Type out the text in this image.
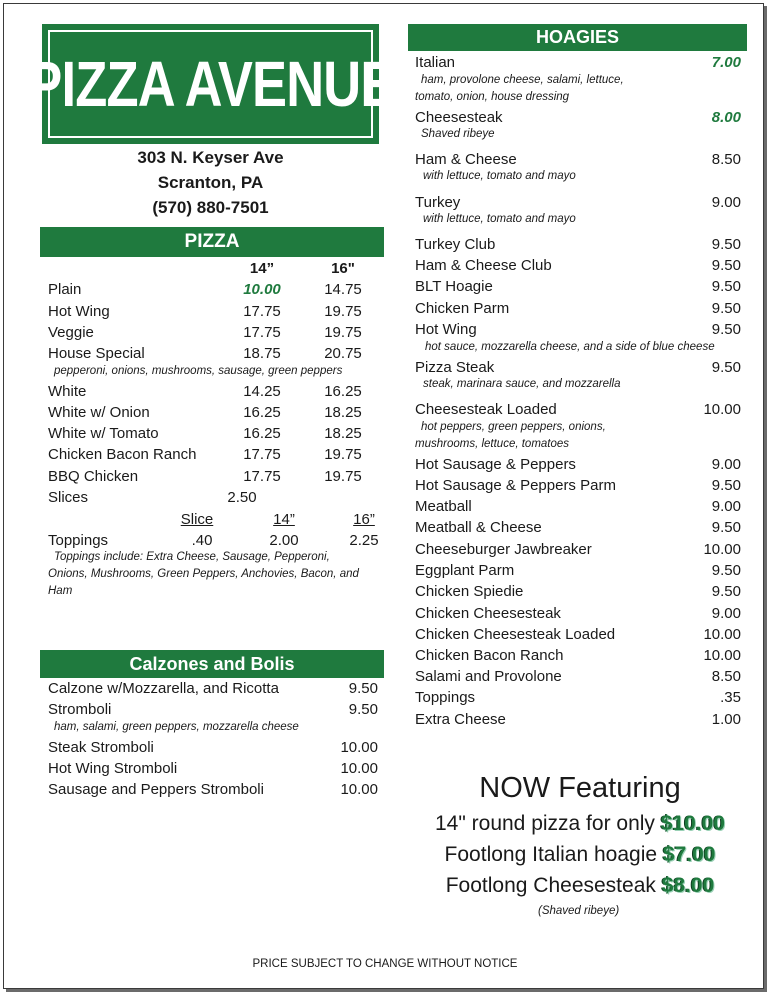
PIZZA AVENUE
303 N. Keyser Ave
Scranton, PA
(570) 880-7501
PIZZA
14”	16"
Plain	10.00	14.75
Hot Wing	17.75	19.75
Veggie	17.75	19.75
House Special	18.75	20.75
pepperoni, onions, mushrooms, sausage, green peppers
White	14.25	16.25
White w/ Onion	16.25	18.25
White w/ Tomato	16.25	18.25
Chicken Bacon Ranch	17.75	19.75
BBQ Chicken	17.75	19.75
Slices	2.50
Slice	14”	16”
Toppings	.40	2.00	2.25
Toppings include: Extra Cheese, Sausage, Pepperoni,
Onions, Mushrooms, Green Peppers, Anchovies, Bacon, and
Ham
Calzones and Bolis
Calzone w/Mozzarella, and Ricotta	9.50
Stromboli	9.50
ham, salami, green peppers, mozzarella cheese
Steak Stromboli	10.00
Hot Wing Stromboli	10.00
Sausage and Peppers Stromboli	10.00
HOAGIES
Italian	7.00
ham, provolone cheese, salami, lettuce,
tomato, onion, house dressing
Cheesesteak	8.00
Shaved ribeye
Ham & Cheese	8.50
with lettuce, tomato and mayo
Turkey	9.00
with lettuce, tomato and mayo
Turkey Club	9.50
Ham & Cheese Club	9.50
BLT Hoagie	9.50
Chicken Parm	9.50
Hot Wing	9.50
hot sauce, mozzarella cheese, and a side of blue cheese
Pizza Steak	9.50
steak, marinara sauce, and mozzarella
Cheesesteak Loaded	10.00
hot peppers, green peppers, onions,
mushrooms, lettuce, tomatoes
Hot Sausage & Peppers	9.00
Hot Sausage & Peppers Parm	9.50
Meatball	9.00
Meatball & Cheese	9.50
Cheeseburger Jawbreaker	10.00
Eggplant Parm	9.50
Chicken Spiedie	9.50
Chicken Cheesesteak	9.00
Chicken Cheesesteak Loaded	10.00
Chicken Bacon Ranch	10.00
Salami and Provolone	8.50
Toppings	.35
Extra Cheese	1.00
NOW Featuring
14" round pizza for only $10.00
Footlong Italian hoagie $7.00
Footlong Cheesesteak $8.00
(Shaved ribeye)
PRICE SUBJECT TO CHANGE WITHOUT NOTICE
